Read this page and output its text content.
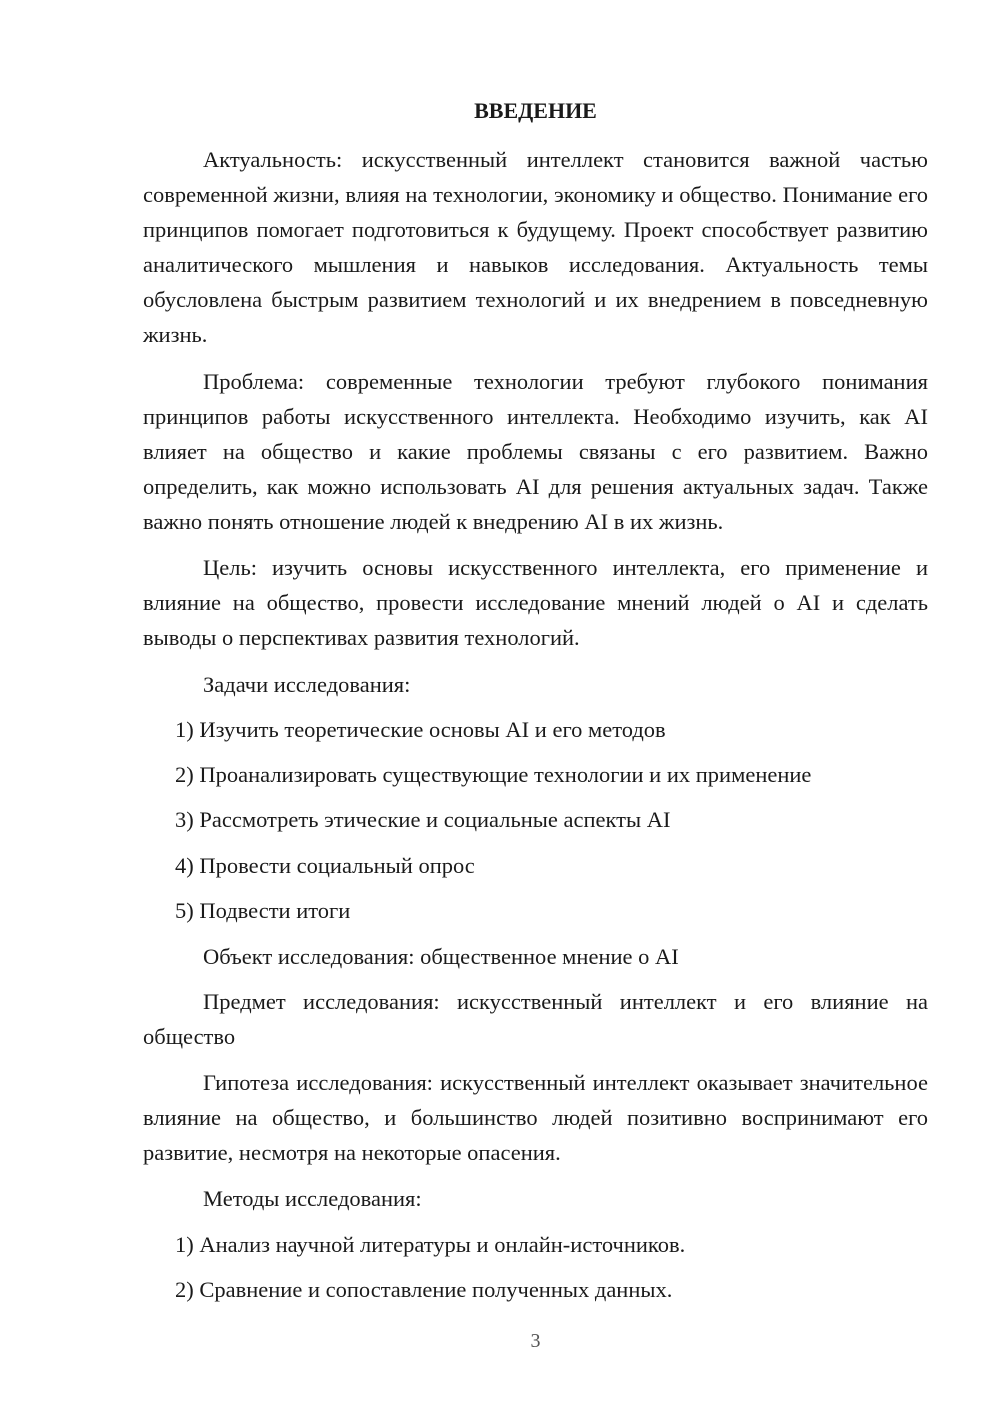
ВВЕДЕНИЕ

Актуальность: искусственный интеллект становится важной частью современной жизни, влияя на технологии, экономику и общество. Понимание его принципов помогает подготовиться к будущему. Проект способствует развитию аналитического мышления и навыков исследования. Актуальность темы обусловлена быстрым развитием технологий и их внедрением в повседневную жизнь.

Проблема: современные технологии требуют глубокого понимания принципов работы искусственного интеллекта. Необходимо изучить, как AI влияет на общество и какие проблемы связаны с его развитием. Важно определить, как можно использовать AI для решения актуальных задач. Также важно понять отношение людей к внедрению AI в их жизнь.

Цель: изучить основы искусственного интеллекта, его применение и влияние на общество, провести исследование мнений людей о AI и сделать выводы о перспективах развития технологий.

Задачи исследования:

1) Изучить теоретические основы AI и его методов

2) Проанализировать существующие технологии и их применение

3) Рассмотреть этические и социальные аспекты AI

4) Провести социальный опрос

5) Подвести итоги

Объект исследования: общественное мнение о AI

Предмет исследования: искусственный интеллект и его влияние на общество

Гипотеза исследования: искусственный интеллект оказывает значительное влияние на общество, и большинство людей позитивно воспринимают его развитие, несмотря на некоторые опасения.

Методы исследования:

1) Анализ научной литературы и онлайн-источников.

2) Сравнение и сопоставление полученных данных.

3
